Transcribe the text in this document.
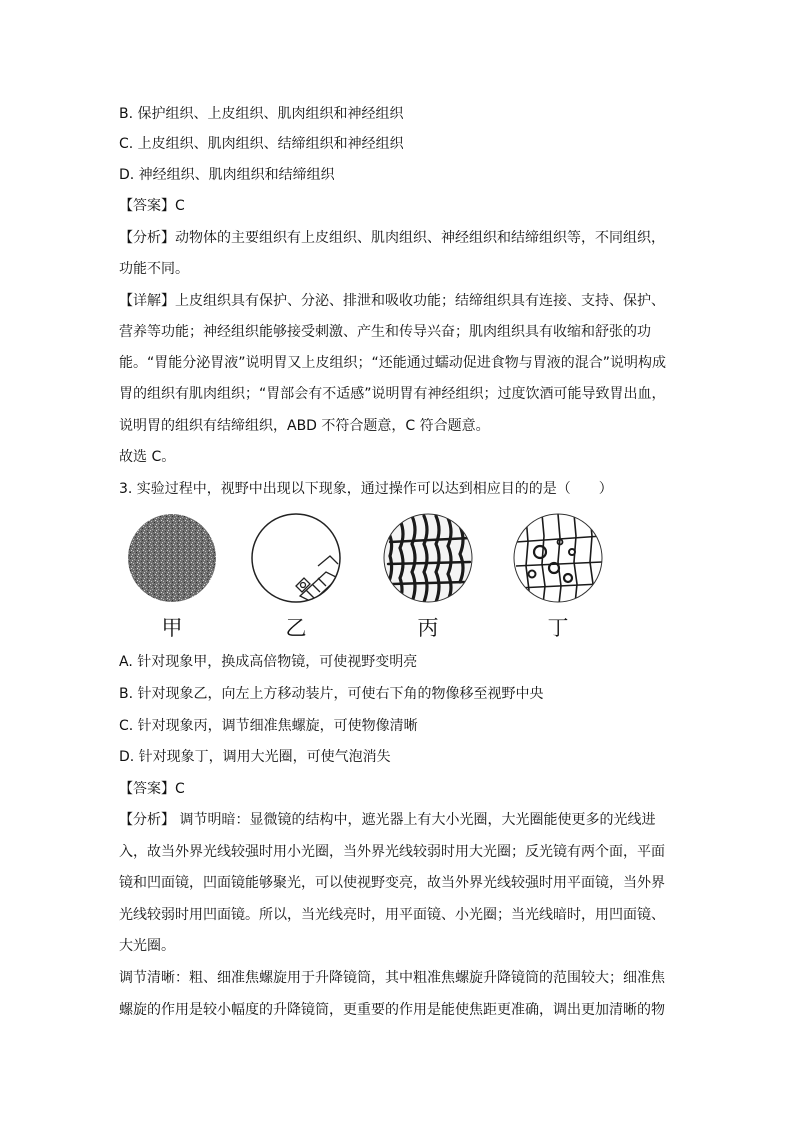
B. 保护组织、上皮组织、肌肉组织和神经组织
C. 上皮组织、肌肉组织、结缔组织和神经组织
D. 神经组织、肌肉组织和结缔组织
【答案】C
【分析】动物体的主要组织有上皮组织、肌肉组织、神经组织和结缔组织等，不同组织，
功能不同。
【详解】上皮组织具有保护、分泌、排泄和吸收功能；结缔组织具有连接、支持、保护、
营养等功能；神经组织能够接受刺激、产生和传导兴奋；肌肉组织具有收缩和舒张的功
能。“胃能分泌胃液”说明胃又上皮组织；“还能通过蠕动促进食物与胃液的混合”说明构成
胃的组织有肌肉组织；“胃部会有不适感”说明胃有神经组织；过度饮酒可能导致胃出血，
说明胃的组织有结缔组织，ABD 不符合题意，C 符合题意。
故选 C。
3. 实验过程中，视野中出现以下现象，通过操作可以达到相应目的的是（　　）
甲	乙	丙	丁
A. 针对现象甲，换成高倍物镜，可使视野变明亮
B. 针对现象乙，向左上方移动装片，可使右下角的物像移至视野中央
C. 针对现象丙，调节细准焦螺旋，可使物像清晰
D. 针对现象丁，调用大光圈，可使气泡消失
【答案】C
【分析】 调节明暗：显微镜的结构中，遮光器上有大小光圈，大光圈能使更多的光线进
入，故当外界光线较强时用小光圈，当外界光线较弱时用大光圈；反光镜有两个面，平面
镜和凹面镜，凹面镜能够聚光，可以使视野变亮，故当外界光线较强时用平面镜，当外界
光线较弱时用凹面镜。所以，当光线亮时，用平面镜、小光圈；当光线暗时，用凹面镜、
大光圈。
调节清晰：粗、细准焦螺旋用于升降镜筒，其中粗准焦螺旋升降镜筒的范围较大；细准焦
螺旋的作用是较小幅度的升降镜筒，更重要的作用是能使焦距更准确，调出更加清晰的物
